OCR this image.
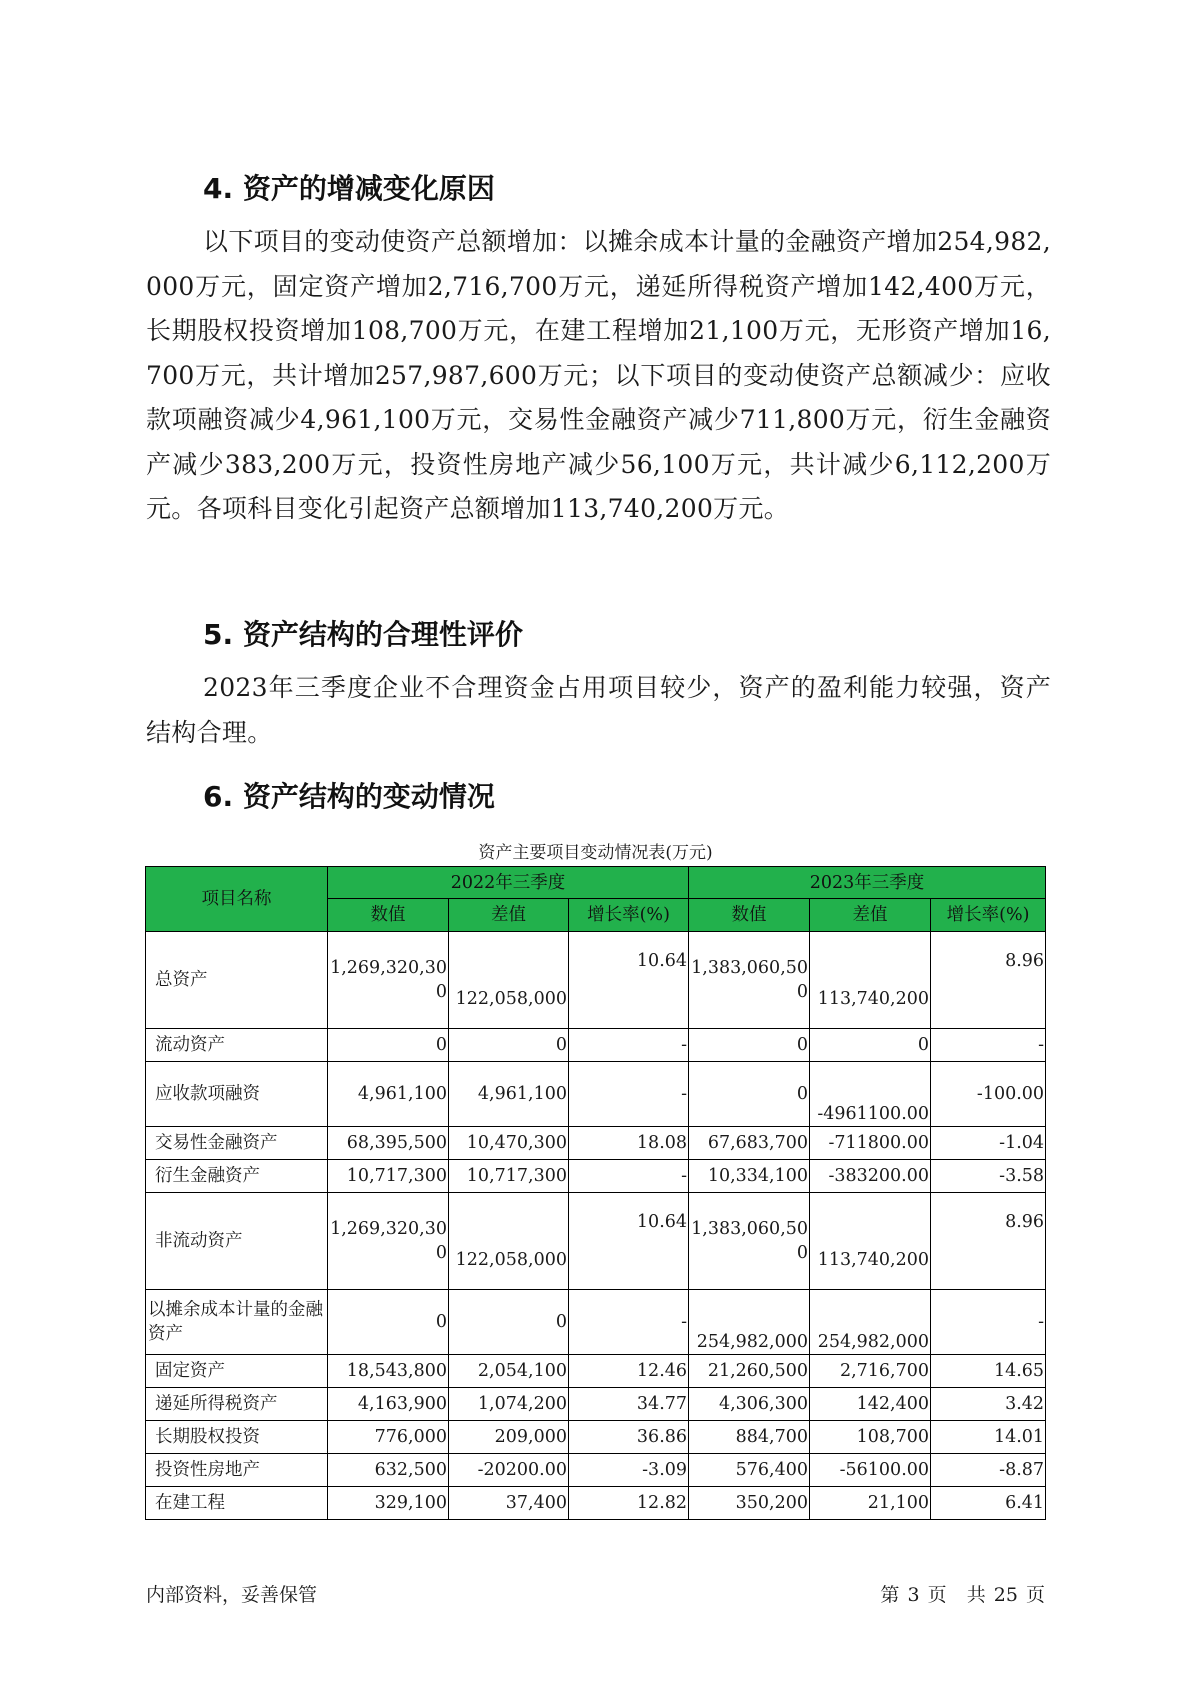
4. 资产的增减变化原因

以下项目的变动使资产总额增加：以摊余成本计量的金融资产增加254,982,000万元，固定资产增加2,716,700万元，递延所得税资产增加142,400万元，长期股权投资增加108,700万元，在建工程增加21,100万元，无形资产增加16,700万元，共计增加257,987,600万元；以下项目的变动使资产总额减少：应收款项融资减少4,961,100万元，交易性金融资产减少711,800万元，衍生金融资产减少383,200万元，投资性房地产减少56,100万元，共计减少6,112,200万元。各项科目变化引起资产总额增加113,740,200万元。

5. 资产结构的合理性评价

2023年三季度企业不合理资金占用项目较少，资产的盈利能力较强，资产结构合理。

6. 资产结构的变动情况
资产主要项目变动情况表(万元)
项目名称	2022年三季度			2023年三季度		
	数值	差值	增长率(%)	数值	差值	增长率(%)
总资产	1,269,320,300	122,058,000	10.64	1,383,060,500	113,740,200	8.96
流动资产	0	0	-	0	0	-
应收款项融资	4,961,100	4,961,100	-	0	-4961100.00	-100.00
交易性金融资产	68,395,500	10,470,300	18.08	67,683,700	-711800.00	-1.04
衍生金融资产	10,717,300	10,717,300	-	10,334,100	-383200.00	-3.58
非流动资产	1,269,320,300	122,058,000	10.64	1,383,060,500	113,740,200	8.96
以摊余成本计量的金融资产	0	0	-	254,982,000	254,982,000	-
固定资产	18,543,800	2,054,100	12.46	21,260,500	2,716,700	14.65
递延所得税资产	4,163,900	1,074,200	34.77	4,306,300	142,400	3.42
长期股权投资	776,000	209,000	36.86	884,700	108,700	14.01
投资性房地产	632,500	-20200.00	-3.09	576,400	-56100.00	-8.87
在建工程	329,100	37,400	12.82	350,200	21,100	6.41
内部资料，妥善保管	第 3 页 共 25 页
